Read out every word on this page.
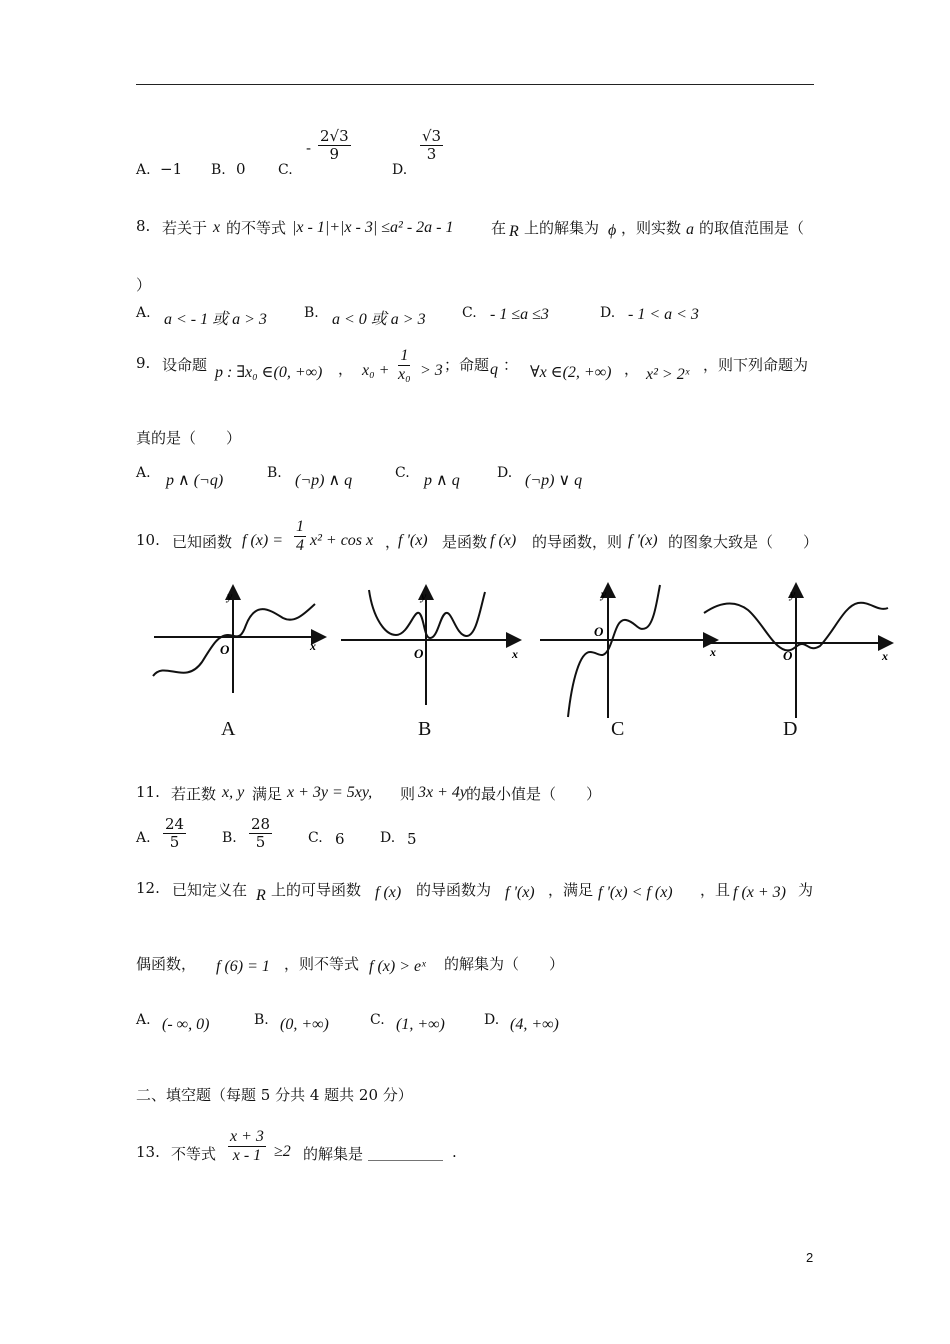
A. −1 B. 0 C.
- $\frac{2√3}{9}$
D.
$\frac{√3}{3}$
8. 若关于 x 的不等式 |x - 1|+|x - 3| ≤a² - 2a - 1	在 R 上的解集为 ϕ ，则实数 a 的取值范围是（
）
A. a < - 1 或 a > 3	B. a < 0 或 a > 3	C. - 1 ≤a ≤3	D. - 1 < a < 3
9. 设命题 p : ∃x₀ ∈(0, +∞) ， $x_0 + \frac{1}{\text{x₀}} > 3$ ；命题 q ： ∀x ∈(2, +∞) ， x² > 2ˣ
，则下列命题为
真的是（　　）
A. p ∧ (¬q)	B. (¬p) ∧ q	C. p ∧ q	D. (¬p) ∨ q
10. 已知函数 f $(x) = \frac{1}{4} x^2 + \cos x$ ，
f '(x) 是函数 f (x) 的导函数，则 f '(x) 的图象大致是（　　）
y
x
O
y
x
O
y
x
O
y
x
O
A	B	C	D
11. 若正数 x, y 满足 x + 3y = 5xy, 则 3x + 4y 的最小值是（　　）
A. $\frac{24}{5}$	B. $\frac{28}{5}$	C. 6	D. 5
12. 已知定义在 R 上的可导函数 f (x) 的导函数为 f '(x) ，满足 f '(x) < f (x) ，且 f (x + 3) 为
偶函数， f (6) = 1 ，则不等式 f (x) > eˣ 的解集为（　　）
A. (- ∞, 0)	B. (0, +∞)	C. (1, +∞)	D. (4, +∞)
二、填空题（每题 5 分共 4 题共 20 分）
13. 不等式 $\frac{x + 3}{x - 1} \ge 2$ 的解集是 __________ .
2
